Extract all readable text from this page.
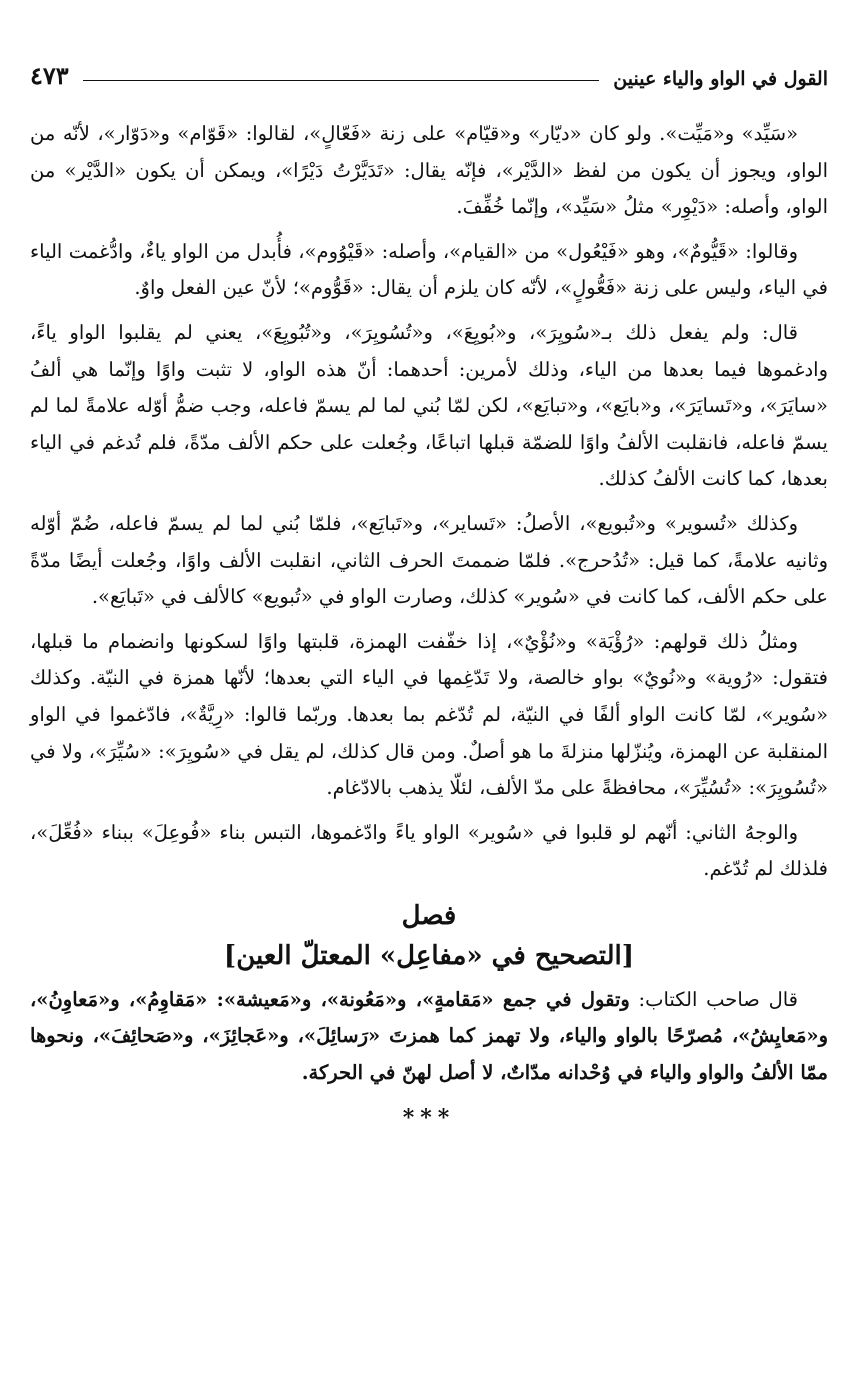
القول في الواو والياء عينين
٤٧٣

«سَيِّد» و«مَيِّت». ولو كان «ديّار» و«قيّام» على زنة «فَعّالٍ»، لقالوا: «قَوّام» و«دَوّار»، لأنّه من الواو، ويجوز أن يكون من لفظ «الدَّيْر»، فإنّه يقال: «تَدَيَّرْتُ دَيْرًا»، ويمكن أن يكون «الدَّيْر» من الواو، وأصله: «دَيْوِر» مثلُ «سَيِّد»، وإنّما خُفِّفَ.

وقالوا: «قَيُّومٌ»، وهو «فَيْعُول» من «القيام»، وأصله: «قَيْوُوم»، فأُبدل من الواو ياءٌ، وادُّغمت الياء في الياء، وليس على زنة «فَعُّولٍ»، لأنّه كان يلزم أن يقال: «قَوُّوم»؛ لأنّ عين الفعل واوٌ.

قال: ولم يفعل ذلك بـ«سُويِرَ»، و«بُويِعَ»، و«تُسُويِرَ»، و«تُبُويِعَ»، يعني لم يقلبوا الواو ياءً، وادغموها فيما بعدها من الياء، وذلك لأمرين: أحدهما: أنّ هذه الواو، لا تثبت واوًا وإنّما هي ألفُ «سايَرَ»، و«تَسايَرَ»، و«بايَع»، و«تبايَع»، لكن لمّا بُني لما لم يسمّ فاعله، وجب ضمُّ أوّله علامةً لما لم يسمّ فاعله، فانقلبت الألفُ واوًا للضمّة قبلها اتباعًا، وجُعلت على حكم الألف مدّةً، فلم تُدغم في الياء بعدها، كما كانت الألفُ كذلك.

وكذلك «تُسوير» و«تُبويع»، الأصلُ: «تَساير»، و«تَبايَع»، فلمّا بُني لما لم يسمّ فاعله، ضُمّ أوّله وثانيه علامةً، كما قيل: «تُدُحرج». فلمّا ضممتَ الحرف الثاني، انقلبت الألف واوًا، وجُعلت أيضًا مدّةً على حكم الألف، كما كانت في «سُوير» كذلك، وصارت الواو في «تُبويع» كالألف في «تَبايَع».

ومثلُ ذلك قولهم: «رُؤْيَة» و«نُؤْيٌ»، إذا خفّفت الهمزة، قلبتها واوًا لسكونها وانضمام ما قبلها، فتقول: «رُوية» و«نُويٌ» بواو خالصة، ولا تَدّغِمها في الياء التي بعدها؛ لأنّها همزة في النيّة. وكذلك «سُوير»، لمّا كانت الواو ألفًا في النيّة، لم تُدّغم بما بعدها. وربّما قالوا: «رِيَّةٌ»، فادّغموا في الواو المنقلبة عن الهمزة، ويُنزّلها منزلةَ ما هو أصلٌ. ومن قال كذلك، لم يقل في «سُويِرَ»: «سُيِّرَ»، ولا في «تُسُويِرَ»: «تُسُيِّرَ»، محافظةً على مدّ الألف، لئلّا يذهب بالادّغام.

والوجهُ الثاني: أنّهم لو قلبوا في «سُوير» الواو ياءً وادّغموها، التبس بناء «فُوعِلَ» ببناء «فُعِّلَ»، فلذلك لم تُدّغم.

فصل
[التصحيح في «مفاعِل» المعتلّ العين]

قال صاحب الكتاب: وتقول في جمع «مَقامةٍ»، و«مَعُونة»، و«مَعيشة»: «مَقاوِمُ»، و«مَعاوِنُ»، و«مَعايِشُ»، مُصرّحًا بالواو والياء، ولا تهمز كما همزتَ «رَسائِلَ»، و«عَجائِزَ»، و«صَحائِفَ»، ونحوها ممّا الألفُ والواو والياء في وُحْدانه مدّاتٌ، لا أصل لهنّ في الحركة.

***
